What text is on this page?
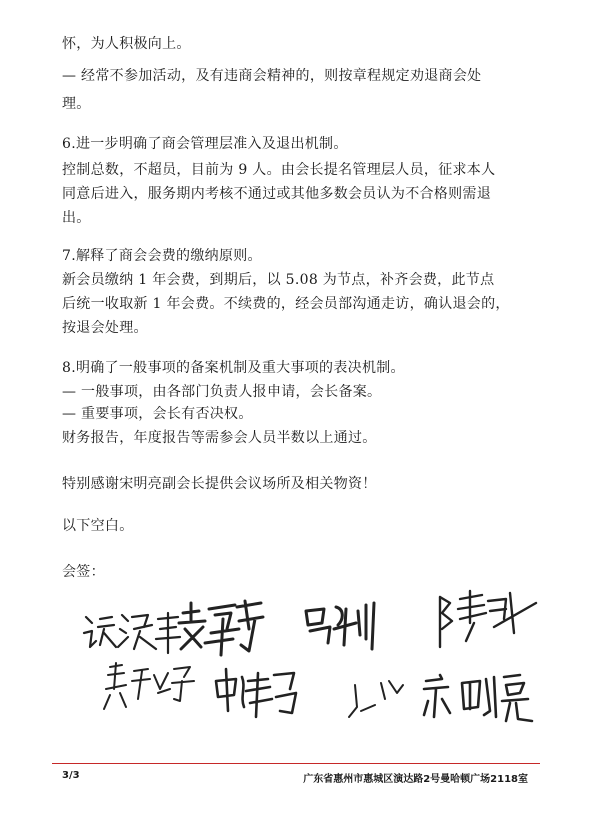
怀，为人积极向上。
— 经常不参加活动，及有违商会精神的，则按章程规定劝退商会处
理。
6.进一步明确了商会管理层准入及退出机制。
控制总数，不超员，目前为 9 人。由会长提名管理层人员，征求本人
同意后进入，服务期内考核不通过或其他多数会员认为不合格则需退
出。
7.解释了商会会费的缴纳原则。
新会员缴纳 1 年会费，到期后，以 5.08 为节点，补齐会费，此节点
后统一收取新 1 年会费。不续费的，经会员部沟通走访，确认退会的，
按退会处理。
8.明确了一般事项的备案机制及重大事项的表决机制。
— 一般事项，由各部门负责人报申请，会长备案。
— 重要事项，会长有否决权。
财务报告，年度报告等需参会人员半数以上通过。
特别感谢宋明亮副会长提供会议场所及相关物资！
以下空白。
会签：
3/3	广东省惠州市惠城区演达路2号曼哈顿广场2118室
